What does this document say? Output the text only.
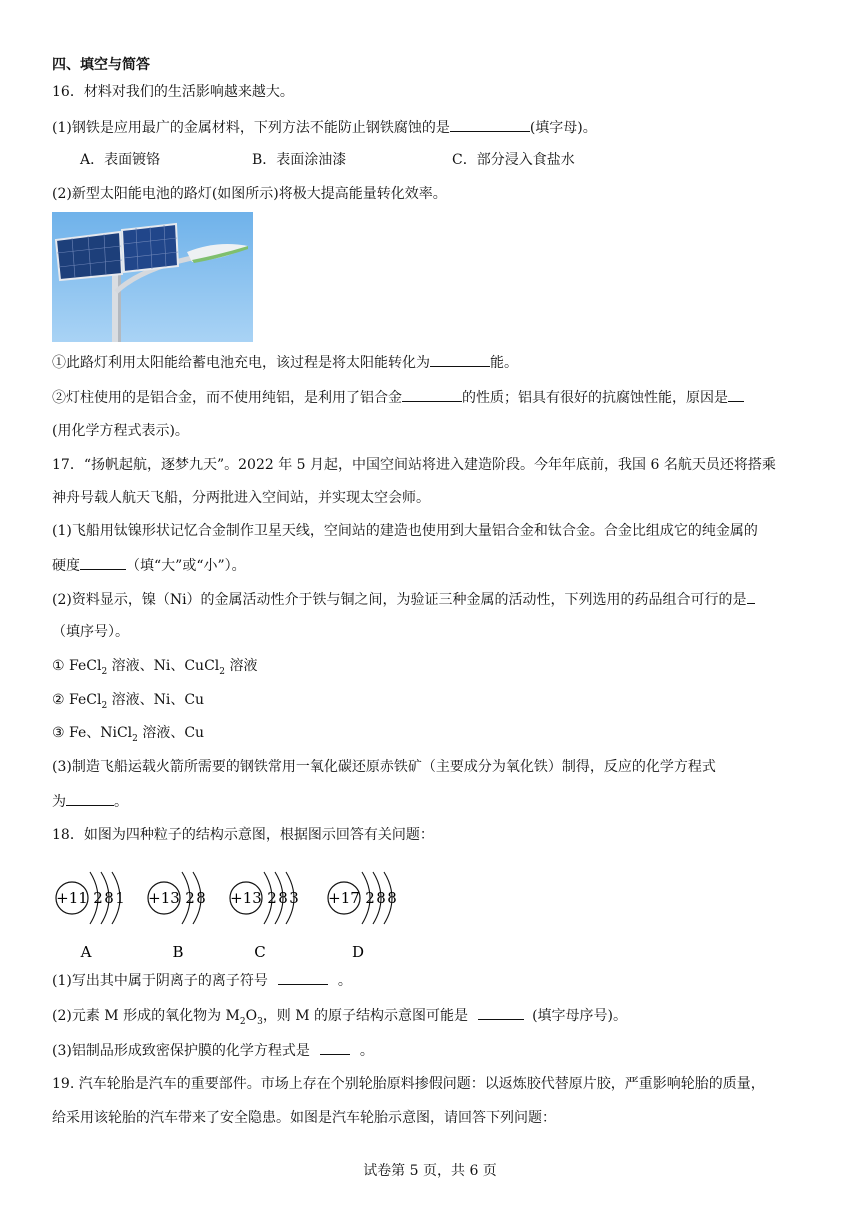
四、填空与简答
16．材料对我们的生活影响越来越大。
(1)钢铁是应用最广的金属材料，下列方法不能防止钢铁腐蚀的是	(填字母)。
A．表面镀铬	B．表面涂油漆	C．部分浸入食盐水
(2)新型太阳能电池的路灯(如图所示)将极大提高能量转化效率。
①此路灯利用太阳能给蓄电池充电，该过程是将太阳能转化为	能。
②灯柱使用的是铝合金，而不使用纯铝，是利用了铝合金	的性质；铝具有很好的抗腐蚀性能，原因是
(用化学方程式表示)。
17．“扬帆起航，逐梦九天”。2022 年 5 月起，中国空间站将进入建造阶段。今年年底前，我国 6 名航天员还将搭乘
神舟号载人航天飞船，分两批进入空间站，并实现太空会师。
(1)飞船用钛镍形状记忆合金制作卫星天线，空间站的建造也使用到大量铝合金和钛合金。合金比组成它的纯金属的
硬度	（填“大”或“小”）。
(2)资料显示，镍（Ni）的金属活动性介于铁与铜之间，为验证三种金属的活动性，下列选用的药品组合可行的是
（填序号）。
① FeCl$_2$ 溶液、Ni、CuCl$_2$ 溶液
② FeCl$_2$ 溶液、Ni、Cu
③ Fe、NiCl$_2$ 溶液、Cu
(3)制造飞船运载火箭所需要的钢铁常用一氧化碳还原赤铁矿（主要成分为氧化铁）制得，反应的化学方程式
为	。
18．如图为四种粒子的结构示意图，根据图示回答有关问题：
+11 2 8 1
A
+13 2 8
B
+13 2 8 3
C
+17 2 8 8
D
(1)写出其中属于阴离子的离子符号	。
(2)元素 M 形成的氧化物为 $M_2O_3$，则 M 的原子结构示意图可能是	(填字母序号)。
(3)铝制品形成致密保护膜的化学方程式是	。
19. 汽车轮胎是汽车的重要部件。市场上存在个别轮胎原料掺假问题：以返炼胶代替原片胶，严重影响轮胎的质量，
给采用该轮胎的汽车带来了安全隐患。如图是汽车轮胎示意图，请回答下列问题：
试卷第 5 页，共 6 页
